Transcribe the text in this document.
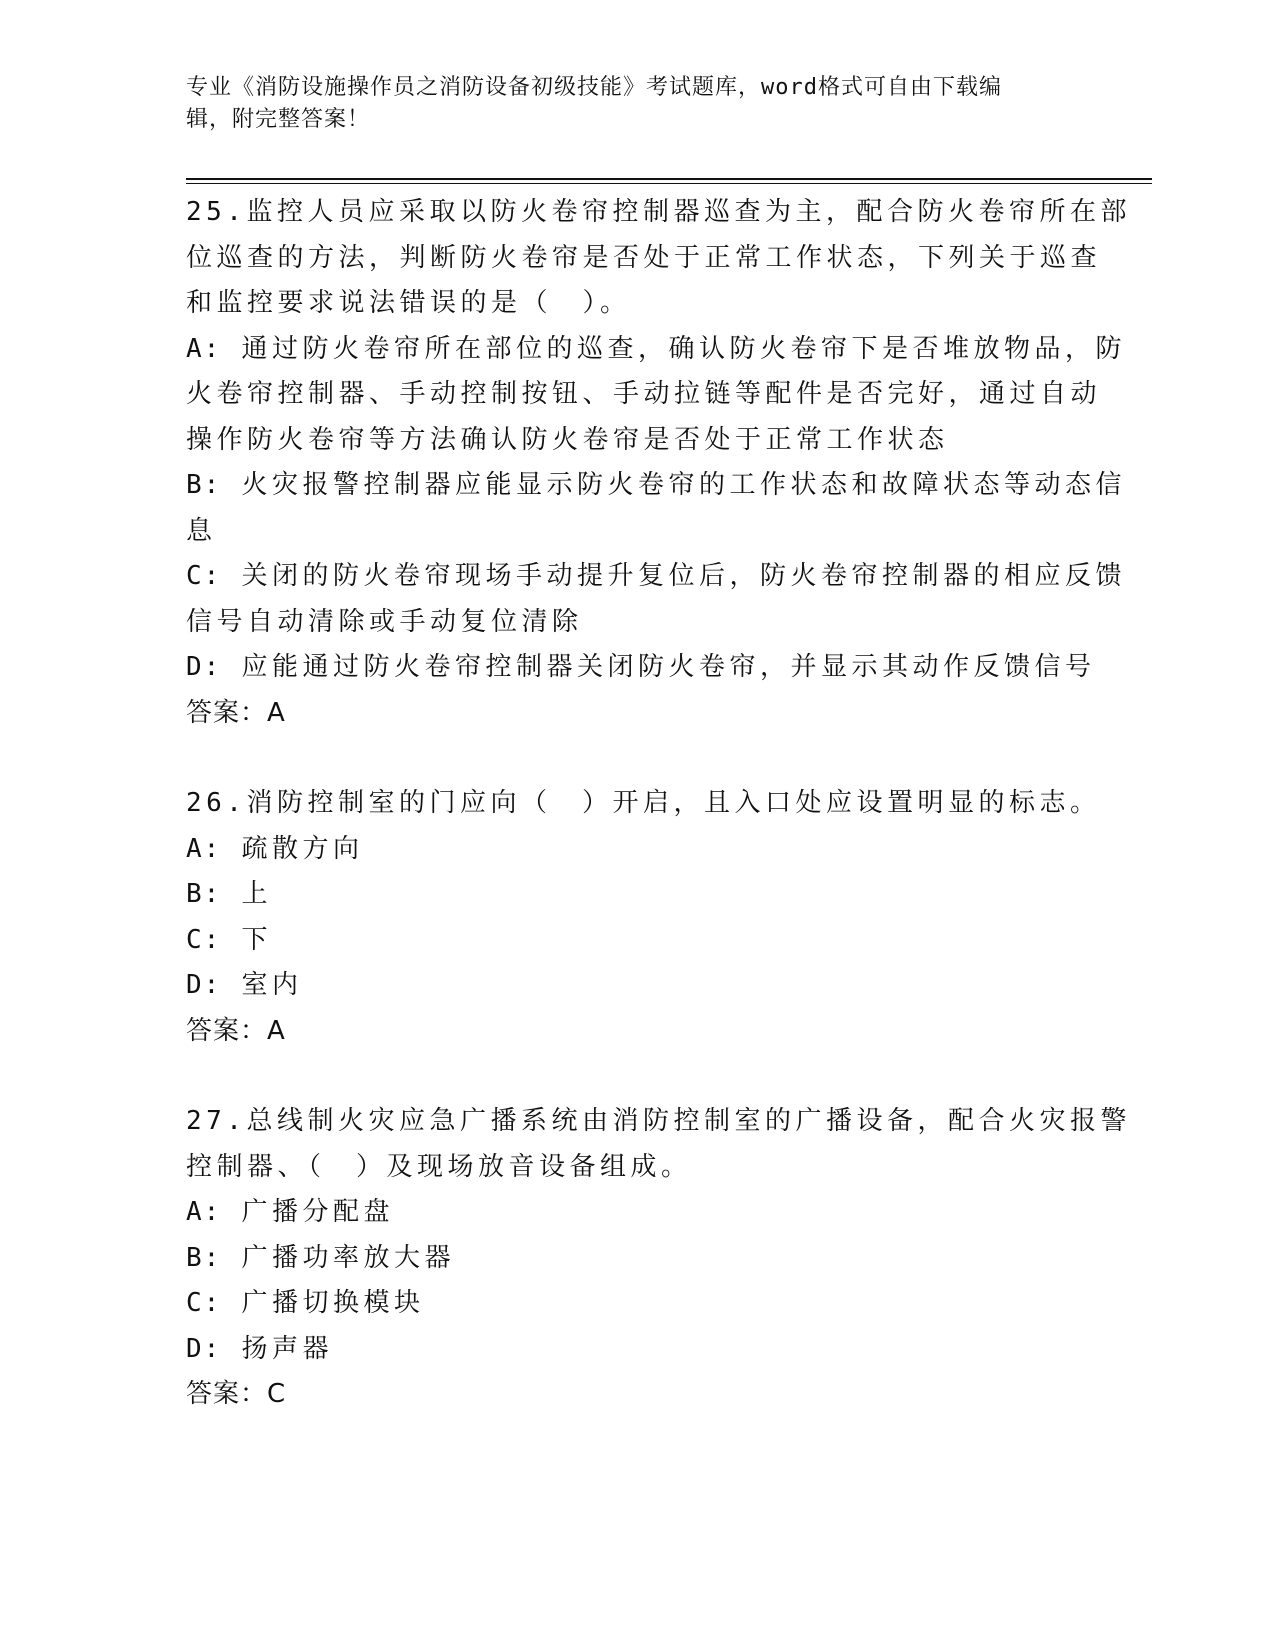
专业《消防设施操作员之消防设备初级技能》考试题库，word格式可自由下载编
辑，附完整答案！
25.监控人员应采取以防火卷帘控制器巡查为主，配合防火卷帘所在部
位巡查的方法，判断防火卷帘是否处于正常工作状态，下列关于巡查
和监控要求说法错误的是（　）。
A: 通过防火卷帘所在部位的巡查，确认防火卷帘下是否堆放物品，防
火卷帘控制器、手动控制按钮、手动拉链等配件是否完好，通过自动
操作防火卷帘等方法确认防火卷帘是否处于正常工作状态
B: 火灾报警控制器应能显示防火卷帘的工作状态和故障状态等动态信
息
C: 关闭的防火卷帘现场手动提升复位后，防火卷帘控制器的相应反馈
信号自动清除或手动复位清除
D: 应能通过防火卷帘控制器关闭防火卷帘，并显示其动作反馈信号
答案：A
26.消防控制室的门应向（　）开启，且入口处应设置明显的标志。
A: 疏散方向
B: 上
C: 下
D: 室内
答案：A
27.总线制火灾应急广播系统由消防控制室的广播设备，配合火灾报警
控制器、（　）及现场放音设备组成。
A: 广播分配盘
B: 广播功率放大器
C: 广播切换模块
D: 扬声器
答案：C
